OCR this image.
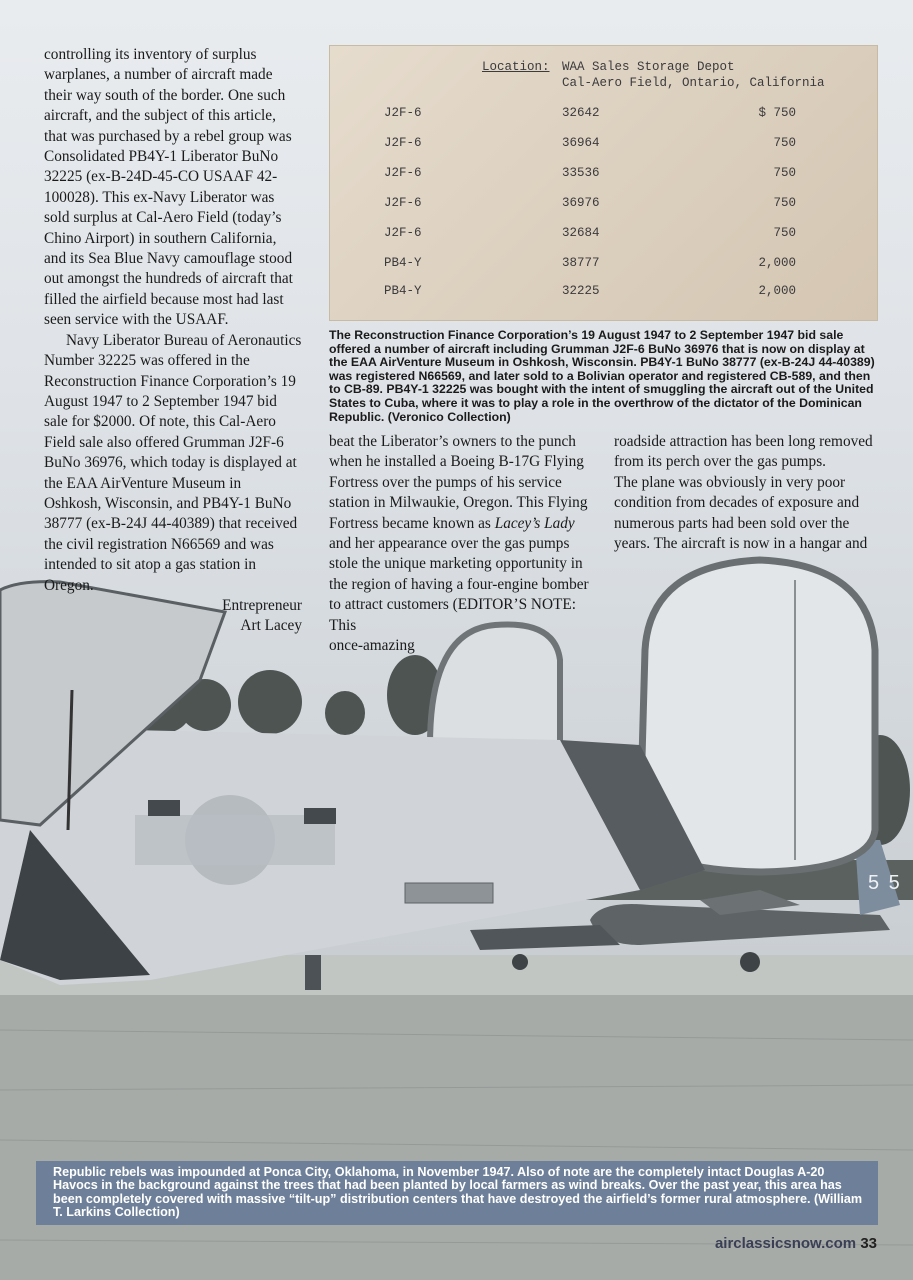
5 5

controlling its inventory of surplus warplanes, a number of aircraft made their way south of the border. One such aircraft, and the subject of this article, that was purchased by a rebel group was Consolidated PB4Y-1 Liberator BuNo 32225 (ex-B-24D-45-CO USAAF 42-100028). This ex-Navy Liberator was sold surplus at Cal-Aero Field (today’s Chino Airport) in southern California, and its Sea Blue Navy camouflage stood out amongst the hundreds of aircraft that filled the airfield because most had last seen service with the USAAF.

Navy Liberator Bureau of Aeronautics Number 32225 was offered in the Reconstruction Finance Corporation’s 19 August 1947 to 2 September 1947 bid sale for $2000. Of note, this Cal-Aero Field sale also offered Grumman J2F-6 BuNo 36976, which today is displayed at the EAA AirVenture Museum in Oshkosh, Wisconsin, and PB4Y-1 BuNo 38777 (ex-B-24J 44-40389) that received the civil registration N66569 and was intended to sit atop a gas station in Oregon.

Entrepreneur
Art Lacey
Location: WAA Sales Storage Depot
Cal-Aero Field, Ontario, California
J2F-6	32642	$ 750
J2F-6	36964	750
J2F-6	33536	750
J2F-6	36976	750
J2F-6	32684	750
PB4-Y	38777	2,000
PB4-Y	32225	2,000
The Reconstruction Finance Corporation’s 19 August 1947 to 2 September 1947 bid sale offered a number of aircraft including Grumman J2F-6 BuNo 36976 that is now on display at the EAA AirVenture Museum in Oshkosh, Wisconsin. PB4Y-1 BuNo 38777 (ex-B-24J 44-40389) was registered N66569, and later sold to a Bolivian operator and registered CB-589, and then to CB-89. PB4Y-1 32225 was bought with the intent of smuggling the aircraft out of the United States to Cuba, where it was to play a role in the overthrow of the dictator of the Dominican Republic. (Veronico Collection)

beat the Liberator’s owners to the punch when he installed a Boeing B-17G Flying Fortress over the pumps of his service station in Milwaukie, Oregon. This Flying Fortress became known as Lacey’s Lady and her appearance over the gas pumps stole the unique marketing opportunity in the region of having a four-engine bomber to attract customers (EDITOR’S NOTE: This
once-amazing

roadside attraction has been long removed from its perch over the gas pumps.

The plane was obviously in very poor condition from decades of exposure and numerous parts had been sold over the years. The aircraft is now in a hangar and

Republic rebels was impounded at Ponca City, Oklahoma, in November 1947. Also of note are the completely intact Douglas A-20 Havocs in the background against the trees that had been planted by local farmers as wind breaks. Over the past year, this area has been completely covered with massive “tilt-up” distribution centers that have destroyed the airfield’s former rural atmosphere. (William T. Larkins Collection)
airclassicsnow.com 33
